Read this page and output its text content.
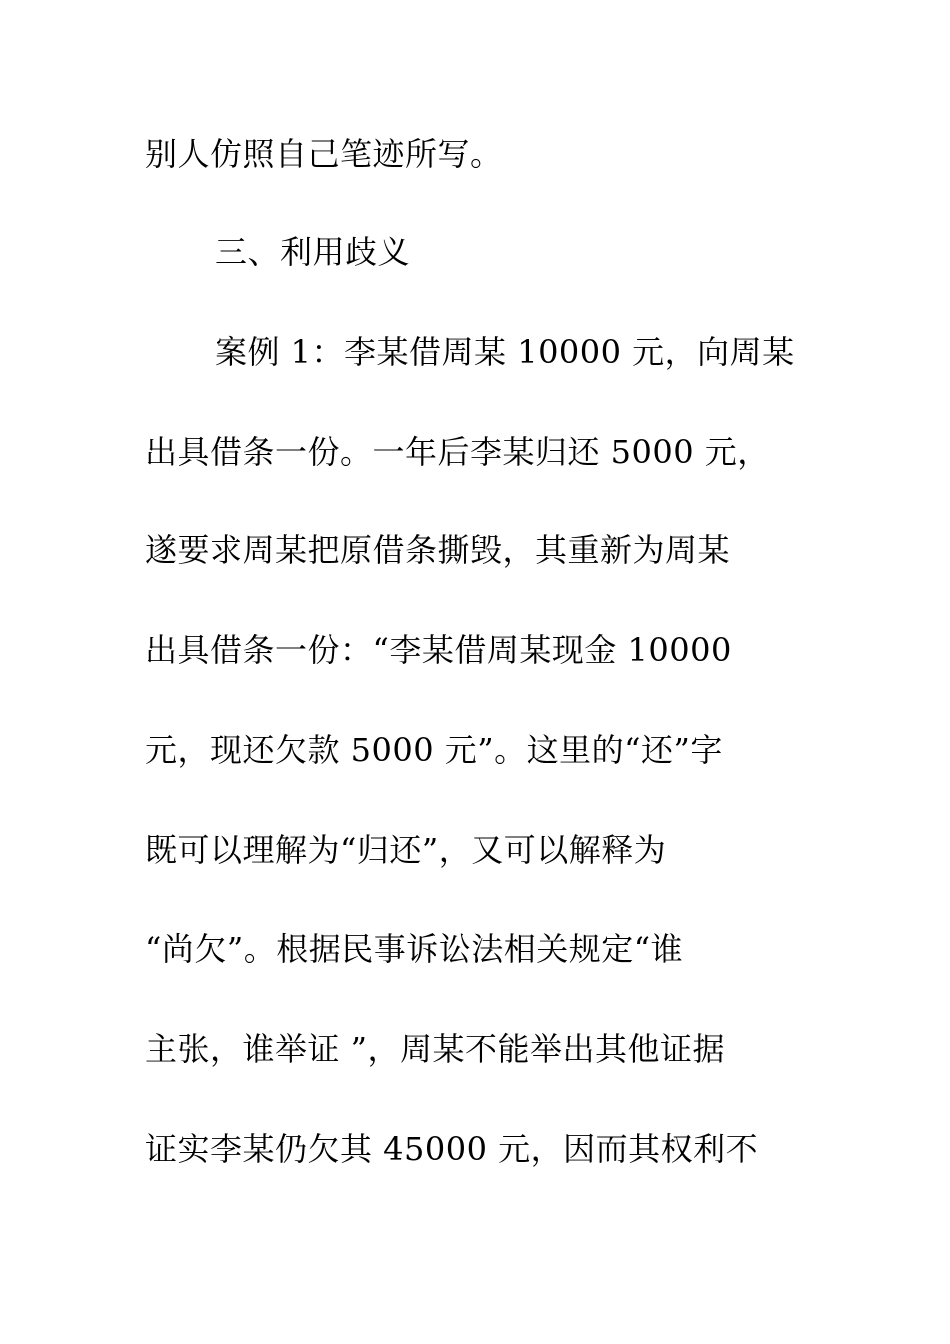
别人仿照自己笔迹所写。

三、利用歧义

案例 1：李某借周某 10000 元，向周某

出具借条一份。一年后李某归还 5000 元，

遂要求周某把原借条撕毁，其重新为周某

出具借条一份：“李某借周某现金 10000

元，现还欠款 5000 元”。这里的“还”字

既可以理解为“归还”，又可以解释为

“尚欠”。根据民事诉讼法相关规定“谁

主张，谁举证 ”，周某不能举出其他证据

证实李某仍欠其 45000 元，因而其权利不
